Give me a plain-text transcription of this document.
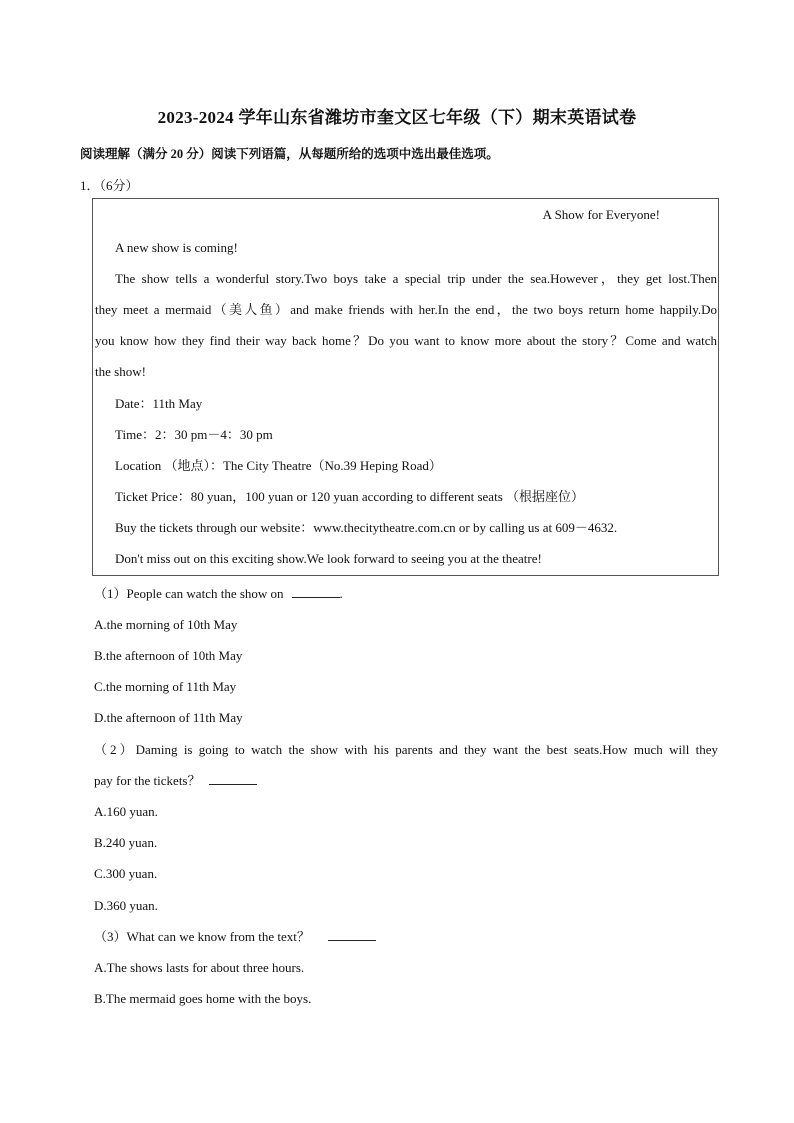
2023-2024 学年山东省潍坊市奎文区七年级（下）期末英语试卷
阅读理解（满分 20 分）阅读下列语篇，从每题所给的选项中选出最佳选项。
1．（6分）
A Show for Everyone!
A new show is coming!
The show tells a wonderful story.Two boys take a special trip under the sea.However，they get lost.Then
they meet a mermaid（美人鱼）and make friends with her.In the end，the two boys return home happily.Do
you know how they find their way back home？Do you want to know more about the story？Come and watch
the show!
Date：11th May
Time：2：30 pm－4：30 pm
Location （地点）：The City Theatre（No.39 Heping Road）
Ticket Price：80 yuan，100 yuan or 120 yuan according to different seats （根据座位）
Buy the tickets through our website：www.thecitytheatre.com.cn or by calling us at 609－4632.
Don't miss out on this exciting show.We look forward to seeing you at the theatre!
（1）People can watch the show on	.
A.the morning of 10th May
B.the afternoon of 10th May
C.the morning of 11th May
D.the afternoon of 11th May
（2）Daming is going to watch the show with his parents and they want the best seats.How much will they
pay for the tickets？
A.160 yuan.
B.240 yuan.
C.300 yuan.
D.360 yuan.
（3）What can we know from the text？
A.The shows lasts for about three hours.
B.The mermaid goes home with the boys.
